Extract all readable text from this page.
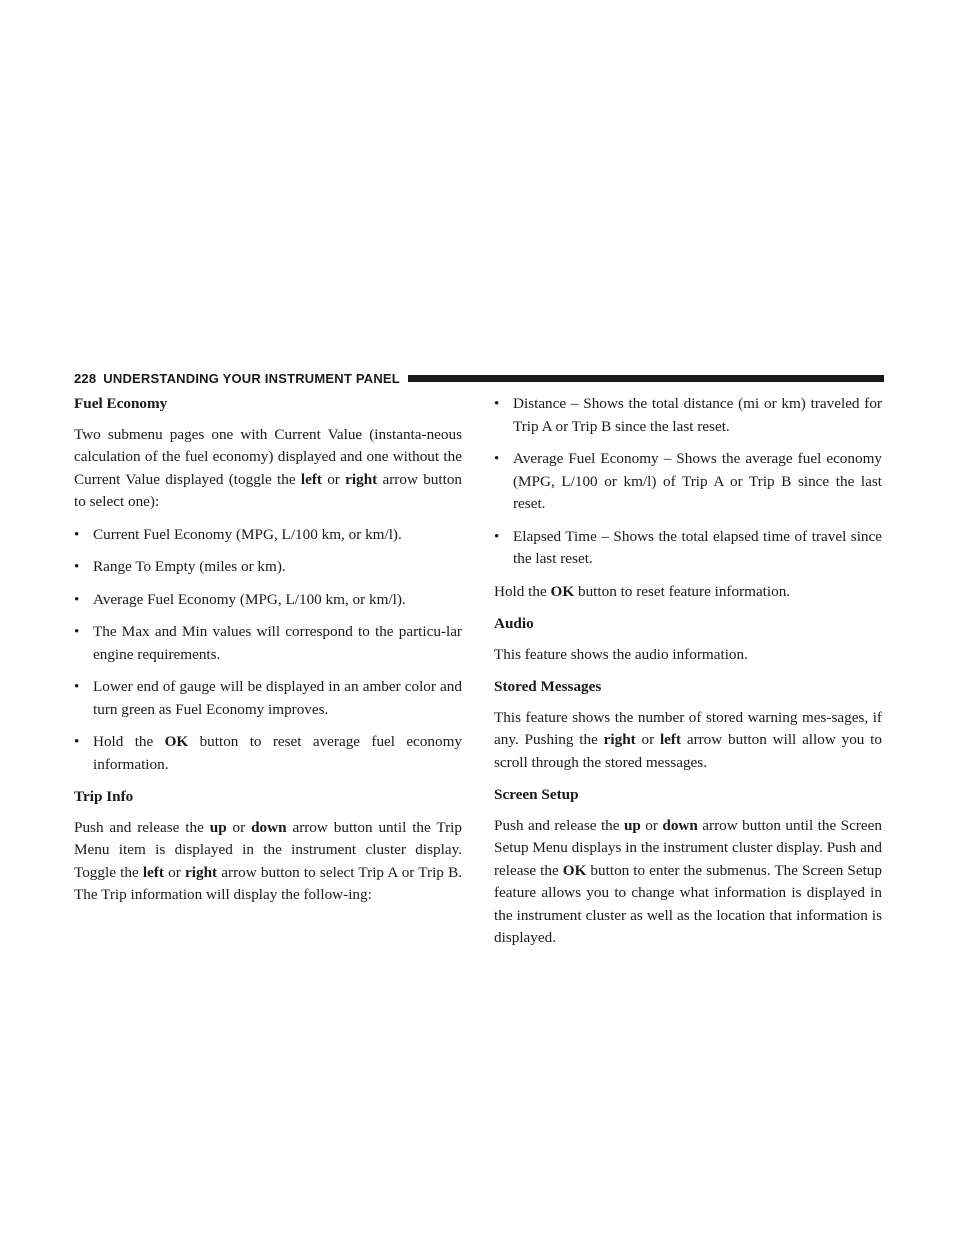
228 UNDERSTANDING YOUR INSTRUMENT PANEL
Fuel Economy

Two submenu pages one with Current Value (instanta-neous calculation of the fuel economy) displayed and one without the Current Value displayed (toggle the left or right arrow button to select one):

• Current Fuel Economy (MPG, L/100 km, or km/l).
• Range To Empty (miles or km).
• Average Fuel Economy (MPG, L/100 km, or km/l).
• The Max and Min values will correspond to the particu-lar engine requirements.
• Lower end of gauge will be displayed in an amber color and turn green as Fuel Economy improves.
• Hold the OK button to reset average fuel economy information.
Trip Info

Push and release the up or down arrow button until the Trip Menu item is displayed in the instrument cluster display. Toggle the left or right arrow button to select Trip A or Trip B. The Trip information will display the follow-ing:

• Distance – Shows the total distance (mi or km) traveled for Trip A or Trip B since the last reset.
• Average Fuel Economy – Shows the average fuel economy (MPG, L/100 or km/l) of Trip A or Trip B since the last reset.
• Elapsed Time – Shows the total elapsed time of travel since the last reset.

Hold the OK button to reset feature information.

Audio

This feature shows the audio information.

Stored Messages

This feature shows the number of stored warning mes-sages, if any. Pushing the right or left arrow button will allow you to scroll through the stored messages.

Screen Setup

Push and release the up or down arrow button until the Screen Setup Menu displays in the instrument cluster display. Push and release the OK button to enter the submenus. The Screen Setup feature allows you to change what information is displayed in the instrument cluster as well as the location that information is displayed.
